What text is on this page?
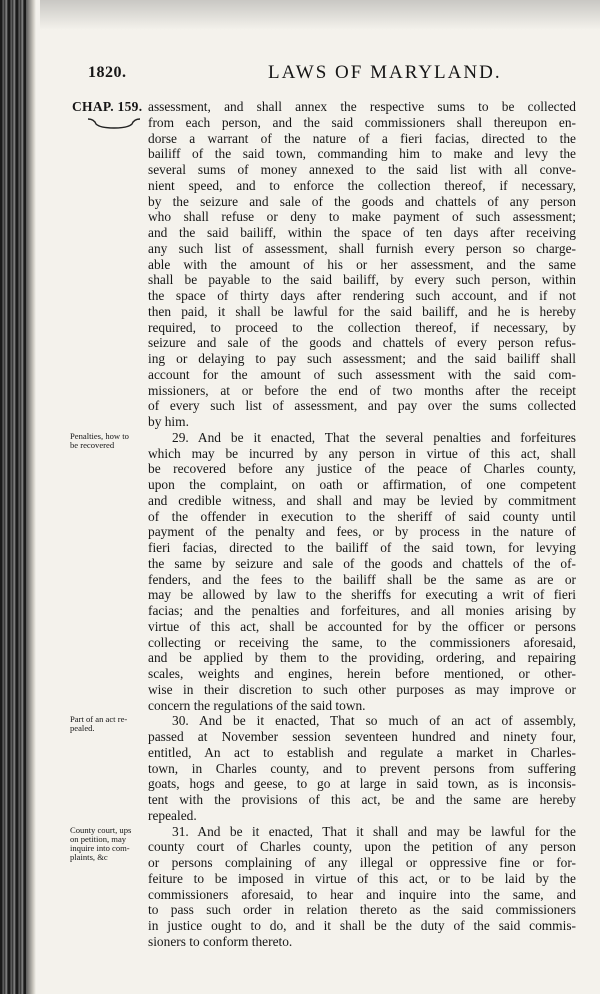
1820.	LAWS OF MARYLAND.
CHAP. 159. assessment, and shall annex the respective sums to be collected
from each person, and the said commissioners shall thereupon en-
dorse a warrant of the nature of a fieri facias, directed to the
bailiff of the said town, commanding him to make and levy the
several sums of money annexed to the said list with all conve-
nient speed, and to enforce the collection thereof, if necessary,
by the seizure and sale of the goods and chattels of any person
who shall refuse or deny to make payment of such assessment;
and the said bailiff, within the space of ten days after receiving
any such list of assessment, shall furnish every person so charge-
able with the amount of his or her assessment, and the same
shall be payable to the said bailiff, by every such person, within
the space of thirty days after rendering such account, and if not
then paid, it shall be lawful for the said bailiff, and he is hereby
required, to proceed to the collection thereof, if necessary, by
seizure and sale of the goods and chattels of every person refus-
ing or delaying to pay such assessment; and the said bailiff shall
account for the amount of such assessment with the said com-
missioners, at or before the end of two months after the receipt
of every such list of assessment, and pay over the sums collected
by him.
Penalties, how to
be recovered	29. And be it enacted, That the several penalties and forfeitures
which may be incurred by any person in virtue of this act, shall
be recovered before any justice of the peace of Charles county,
upon the complaint, on oath or affirmation, of one competent
and credible witness, and shall and may be levied by commitment
of the offender in execution to the sheriff of said county until
payment of the penalty and fees, or by process in the nature of
fieri facias, directed to the bailiff of the said town, for levying
the same by seizure and sale of the goods and chattels of the of-
fenders, and the fees to the bailiff shall be the same as are or
may be allowed by law to the sheriffs for executing a writ of fieri
facias; and the penalties and forfeitures, and all monies arising by
virtue of this act, shall be accounted for by the officer or persons
collecting or receiving the same, to the commissioners aforesaid,
and be applied by them to the providing, ordering, and repairing
scales, weights and engines, herein before mentioned, or other-
wise in their discretion to such other purposes as may improve or
concern the regulations of the said town.
Part of an act re-
pealed.	30. And be it enacted, That so much of an act of assembly,
passed at November session seventeen hundred and ninety four,
entitled, An act to establish and regulate a market in Charles-
town, in Charles county, and to prevent persons from suffering
goats, hogs and geese, to go at large in said town, as is inconsis-
tent with the provisions of this act, be and the same are hereby
repealed.
County court, ups
on petition, may
inquire into com-
plaints, &c
31. And be it enacted, That it shall and may be lawful for the
county court of Charles county, upon the petition of any person
or persons complaining of any illegal or oppressive fine or for-
feiture to be imposed in virtue of this act, or to be laid by the
commissioners aforesaid, to hear and inquire into the same, and
to pass such order in relation thereto as the said commissioners
in justice ought to do, and it shall be the duty of the said commis-
sioners to conform thereto.
